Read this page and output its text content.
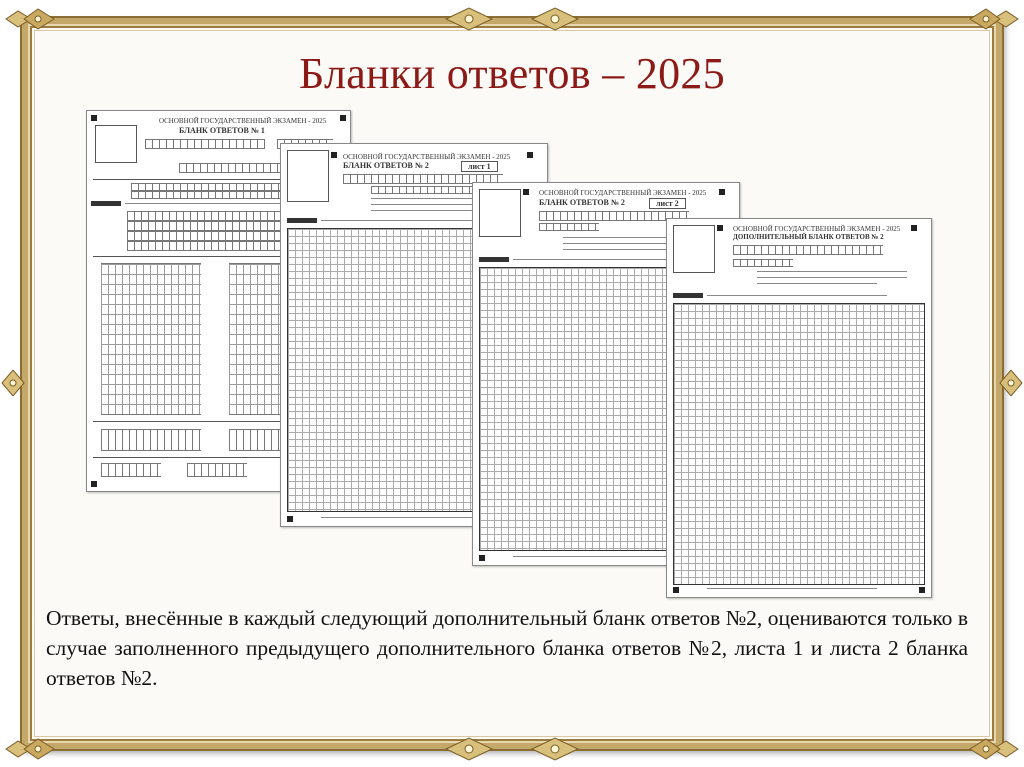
Бланки ответов – 2025
ОСНОВНОЙ ГОСУДАРСТВЕННЫЙ ЭКЗАМЕН - 2025
БЛАНК ОТВЕТОВ № 1
ОСНОВНОЙ ГОСУДАРСТВЕННЫЙ ЭКЗАМЕН - 2025
БЛАНК ОТВЕТОВ № 2	лист 1
ОСНОВНОЙ ГОСУДАРСТВЕННЫЙ ЭКЗАМЕН - 2025
БЛАНК ОТВЕТОВ № 2	лист 2
ОСНОВНОЙ ГОСУДАРСТВЕННЫЙ ЭКЗАМЕН - 2025
ДОПОЛНИТЕЛЬНЫЙ БЛАНК ОТВЕТОВ № 2

Ответы, внесённые в каждый следующий дополнительный бланк ответов №2, оцениваются только в случае заполненного предыдущего дополнительного бланка ответов №2, листа 1 и листа 2 бланка ответов №2.
